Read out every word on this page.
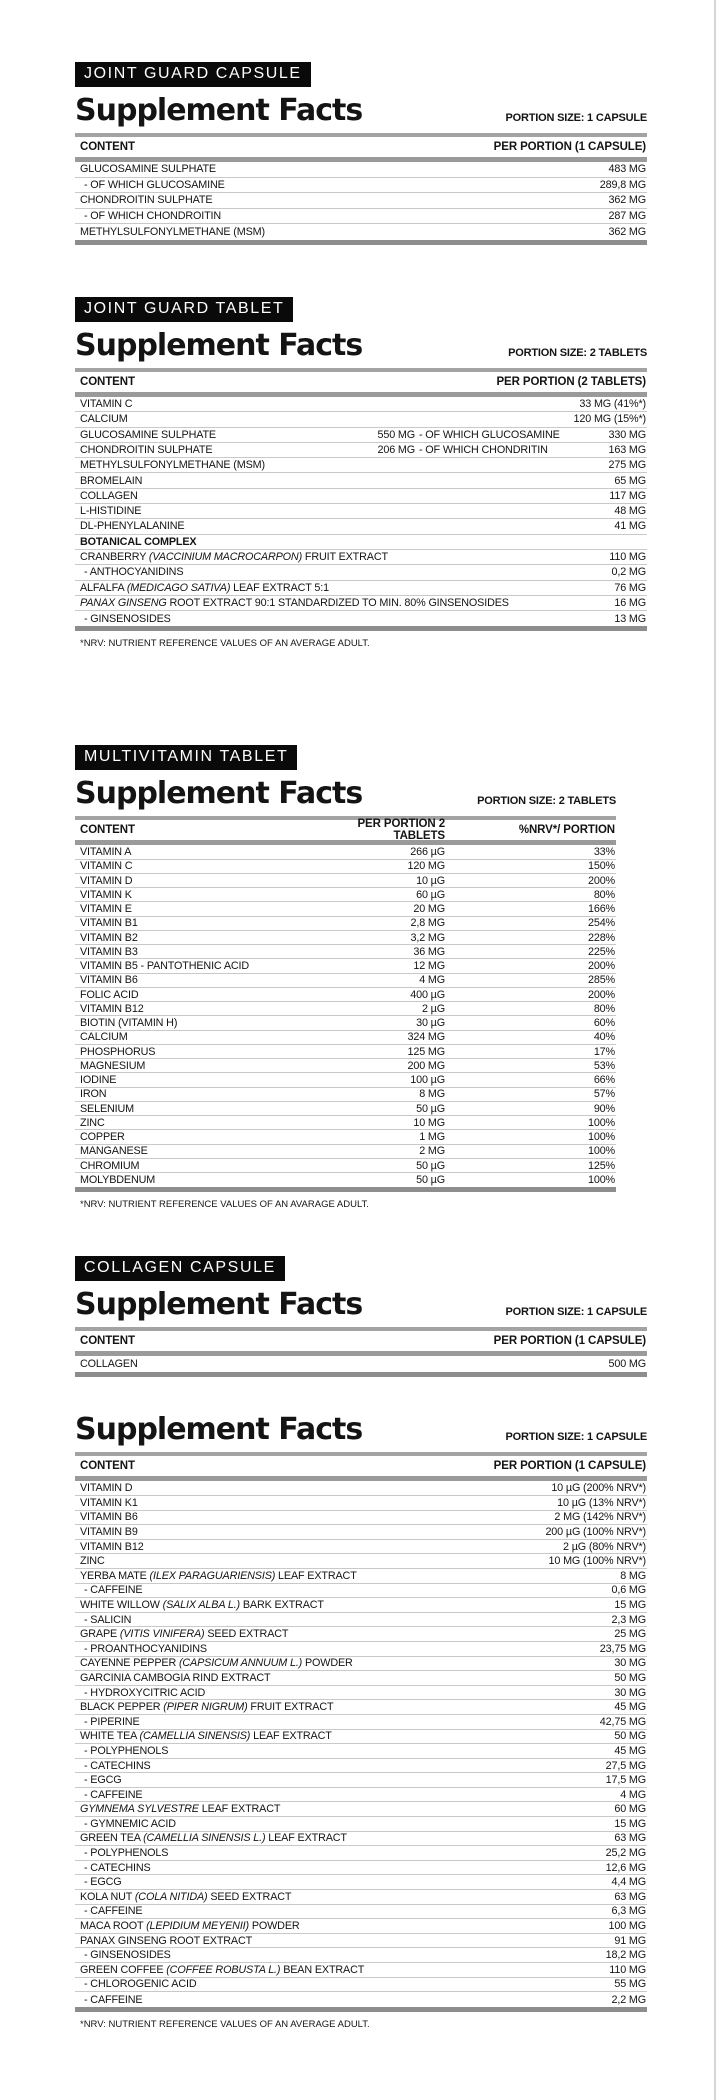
JOINT GUARD CAPSULE
Supplement Facts	PORTION SIZE: 1 CAPSULE
CONTENT	PER PORTION (1 CAPSULE)
GLUCOSAMINE SULPHATE	483 MG
- OF WHICH GLUCOSAMINE	289,8 MG
CHONDROITIN SULPHATE	362 MG
- OF WHICH CHONDROITIN	287 MG
METHYLSULFONYLMETHANE (MSM)	362 MG
JOINT GUARD TABLET
Supplement Facts	PORTION SIZE: 2 TABLETS
CONTENT	PER PORTION (2 TABLETS)
VITAMIN C	33 MG (41%*)
CALCIUM	120 MG (15%*)
GLUCOSAMINE SULPHATE	550 MG - OF WHICH GLUCOSAMINE	330 MG
CHONDROITIN SULPHATE	206 MG - OF WHICH CHONDRITIN	163 MG
METHYLSULFONYLMETHANE (MSM)	275 MG
BROMELAIN	65 MG
COLLAGEN	117 MG
L-HISTIDINE	48 MG
DL-PHENYLALANINE	41 MG
BOTANICAL COMPLEX
CRANBERRY (VACCINIUM MACROCARPON) FRUIT EXTRACT	110 MG
- ANTHOCYANIDINS	0,2 MG
ALFALFA (MEDICAGO SATIVA) LEAF EXTRACT 5:1	76 MG
PANAX GINSENG ROOT EXTRACT 90:1 STANDARDIZED TO MIN. 80% GINSENOSIDES	16 MG
- GINSENOSIDES	13 MG
*NRV: NUTRIENT REFERENCE VALUES OF AN AVERAGE ADULT.
MULTIVITAMIN TABLET
Supplement Facts	PORTION SIZE: 2 TABLETS
CONTENT	PER PORTION 2 TABLETS	%NRV*/ PORTION
VITAMIN A	266 µG	33%
VITAMIN C	120 MG	150%
VITAMIN D	10 µG	200%
VITAMIN K	60 µG	80%
VITAMIN E	20 MG	166%
VITAMIN B1	2,8 MG	254%
VITAMIN B2	3,2 MG	228%
VITAMIN B3	36 MG	225%
VITAMIN B5 - PANTOTHENIC ACID	12 MG	200%
VITAMIN B6	4 MG	285%
FOLIC ACID	400 µG	200%
VITAMIN B12	2 µG	80%
BIOTIN (VITAMIN H)	30 µG	60%
CALCIUM	324 MG	40%
PHOSPHORUS	125 MG	17%
MAGNESIUM	200 MG	53%
IODINE	100 µG	66%
IRON	8 MG	57%
SELENIUM	50 µG	90%
ZINC	10 MG	100%
COPPER	1 MG	100%
MANGANESE	2 MG	100%
CHROMIUM	50 µG	125%
MOLYBDENUM	50 µG	100%
*NRV: NUTRIENT REFERENCE VALUES OF AN AVARAGE ADULT.
COLLAGEN CAPSULE
Supplement Facts	PORTION SIZE: 1 CAPSULE
CONTENT	PER PORTION (1 CAPSULE)
COLLAGEN	500 MG
Supplement Facts	PORTION SIZE: 1 CAPSULE
CONTENT	PER PORTION (1 CAPSULE)
VITAMIN D	10 µG (200% NRV*)
VITAMIN K1	10 µG (13% NRV*)
VITAMIN B6	2 MG (142% NRV*)
VITAMIN B9	200 µG (100% NRV*)
VITAMIN B12	2 µG (80% NRV*)
ZINC	10 MG (100% NRV*)
YERBA MATE (ILEX PARAGUARIENSIS) LEAF EXTRACT	8 MG
- CAFFEINE	0,6 MG
WHITE WILLOW (SALIX ALBA L.) BARK EXTRACT	15 MG
- SALICIN	2,3 MG
GRAPE (VITIS VINIFERA) SEED EXTRACT	25 MG
- PROANTHOCYANIDINS	23,75 MG
CAYENNE PEPPER (CAPSICUM ANNUUM L.) POWDER	30 MG
GARCINIA CAMBOGIA RIND EXTRACT	50 MG
- HYDROXYCITRIC ACID	30 MG
BLACK PEPPER (PIPER NIGRUM) FRUIT EXTRACT	45 MG
- PIPERINE	42,75 MG
WHITE TEA (CAMELLIA SINENSIS) LEAF EXTRACT	50 MG
- POLYPHENOLS	45 MG
- CATECHINS	27,5 MG
- EGCG	17,5 MG
- CAFFEINE	4 MG
GYMNEMA SYLVESTRE LEAF EXTRACT	60 MG
- GYMNEMIC ACID	15 MG
GREEN TEA (CAMELLIA SINENSIS L.) LEAF EXTRACT	63 MG
- POLYPHENOLS	25,2 MG
- CATECHINS	12,6 MG
- EGCG	4,4 MG
KOLA NUT (COLA NITIDA) SEED EXTRACT	63 MG
- CAFFEINE	6,3 MG
MACA ROOT (LEPIDIUM MEYENII) POWDER	100 MG
PANAX GINSENG ROOT EXTRACT	91 MG
- GINSENOSIDES	18,2 MG
GREEN COFFEE (COFFEE ROBUSTA L.) BEAN EXTRACT	110 MG
- CHLOROGENIC ACID	55 MG
- CAFFEINE	2,2 MG
*NRV: NUTRIENT REFERENCE VALUES OF AN AVERAGE ADULT.
